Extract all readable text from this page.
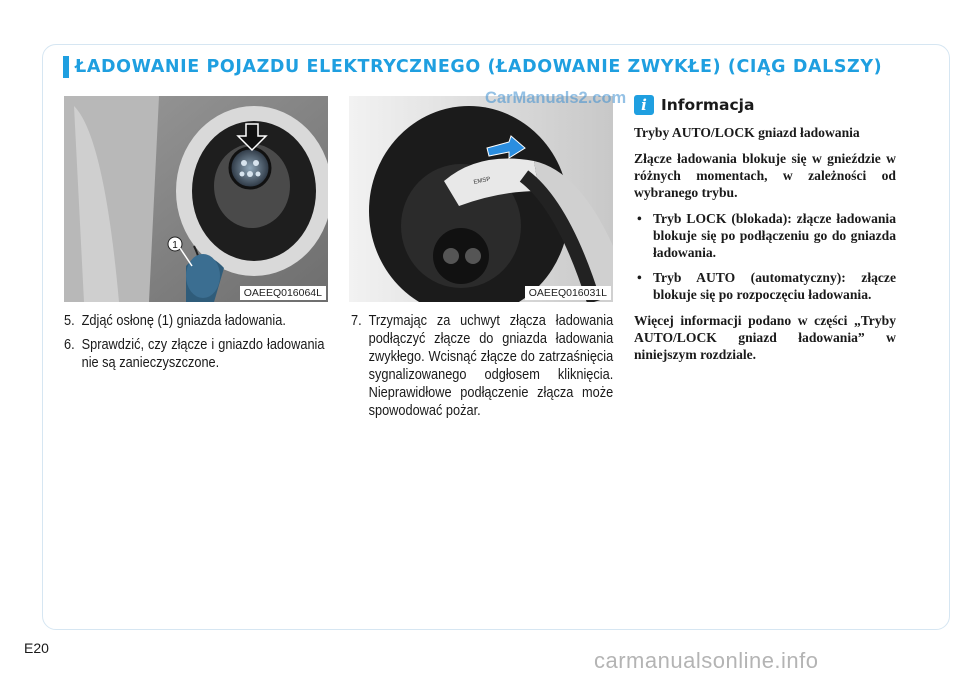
ŁADOWANIE POJAZDU ELEKTRYCZNEGO (ŁADOWANIE ZWYKŁE) (CIĄG DALSZY)
1
OAEEQ016064L
EMSP
OAEEQ016031L
5. Zdjąć osłonę (1) gniazda ładowania.
6. Sprawdzić, czy złącze i gniazdo ładowania nie są zanieczyszczone.
7. Trzymając za uchwyt złącza ładowania podłączyć złącze do gniazda ładowania zwykłego. Wcisnąć złącze do zatrzaśnięcia sygnalizowanego odgłosem kliknięcia. Nieprawidłowe podłączenie złącza może spowodować pożar.
i Informacja

Tryby AUTO/LOCK gniazd ładowania

Złącze ładowania blokuje się w gnieździe w różnych momentach, w zależności od wybranego trybu.

• Tryb LOCK (blokada): złącze ładowania blokuje się po podłączeniu go do gniazda ładowania.
• Tryb AUTO (automatyczny): złącze blokuje się po rozpoczęciu ładowania.

Więcej informacji podano w części „Tryby AUTO/LOCK gniazd ładowania” w niniejszym rozdziale.

E20
CarManuals2.com
carmanualsonline.info
